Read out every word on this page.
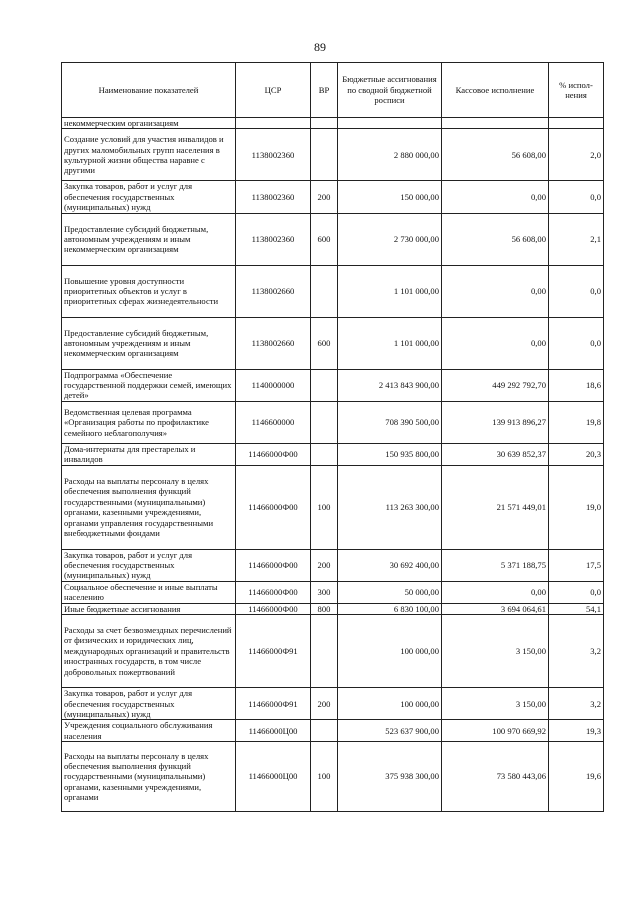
89
Наименование показателей	ЦСР	ВР	Бюджетные ассигнования по сводной бюджетной росписи	Кассовое исполнение	% испол- нения
некоммерческим организациям					
Создание условий для участия инвалидов и других маломобильных групп населения в культурной жизни общества наравне с другими	1138002360		2 880 000,00	56 608,00	2,0
Закупка товаров, работ и услуг для обеспечения государственных (муниципальных) нужд	1138002360	200	150 000,00	0,00	0,0
Предоставление субсидий бюджетным, автономным учреждениям и иным некоммерческим организациям	1138002360	600	2 730 000,00	56 608,00	2,1
Повышение уровня доступности приоритетных объектов и услуг в приоритетных сферах жизнедеятельности	1138002660		1 101 000,00	0,00	0,0
Предоставление субсидий бюджетным, автономным учреждениям и иным некоммерческим организациям	1138002660	600	1 101 000,00	0,00	0,0
Подпрограмма «Обеспечение государственной поддержки семей, имеющих детей»	1140000000		2 413 843 900,00	449 292 792,70	18,6
Ведомственная целевая программа «Организация работы по профилактике семейного неблагополучия»	1146600000		708 390 500,00	139 913 896,27	19,8
Дома-интернаты для престарелых и инвалидов	11466000Ф00		150 935 800,00	30 639 852,37	20,3
Расходы на выплаты персоналу в целях обеспечения выполнения функций государственными (муниципальными) органами, казенными учреждениями, органами управления государственными внебюджетными фондами	11466000Ф00	100	113 263 300,00	21 571 449,01	19,0
Закупка товаров, работ и услуг для обеспечения государственных (муниципальных) нужд	11466000Ф00	200	30 692 400,00	5 371 188,75	17,5
Социальное обеспечение и иные выплаты населению	11466000Ф00	300	50 000,00	0,00	0,0
Иные бюджетные ассигнования	11466000Ф00	800	6 830 100,00	3 694 064,61	54,1
Расходы за счет безвозмездных перечислений от физических и юридических лиц, международных организаций и правительств иностранных государств, в том числе добровольных пожертвований	11466000Ф91		100 000,00	3 150,00	3,2
Закупка товаров, работ и услуг для обеспечения государственных (муниципальных) нужд	11466000Ф91	200	100 000,00	3 150,00	3,2
Учреждения социального обслуживания населения	11466000Ц00		523 637 900,00	100 970 669,92	19,3
Расходы на выплаты персоналу в целях обеспечения выполнения функций государственными (муниципальными) органами, казенными учреждениями, органами	11466000Ц00	100	375 938 300,00	73 580 443,06	19,6
